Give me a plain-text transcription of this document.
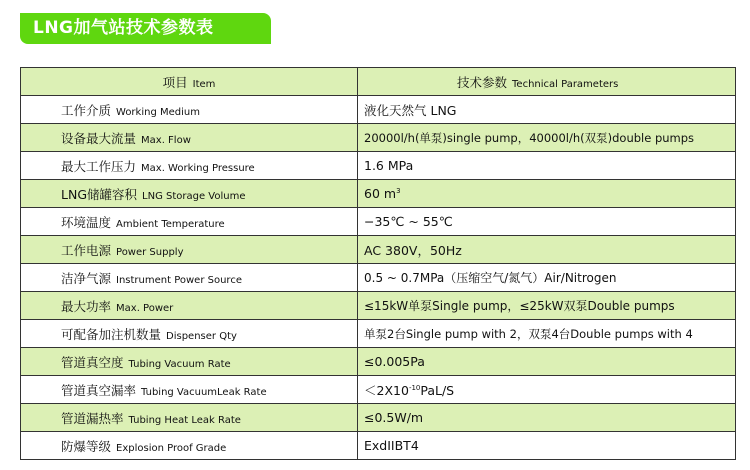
LNG加气站技术参数表
项目 Item	技术参数 Technical Parameters
工作介质 Working Medium	液化天然气 LNG
设备最大流量 Max. Flow	20000l/h(单泵)single pump，40000l/h(双泵)double pumps
最大工作压力 Max. Working Pressure	1.6 MPa
LNG储罐容积 LNG Storage Volume	60 $m^3$
环境温度 Ambient Temperature	−35℃ ~ 55℃
工作电源 Power Supply	AC 380V，50Hz
洁净气源 Instrument Power Source	0.5 ~ 0.7MPa（压缩空气/氮气）Air/Nitrogen
最大功率 Max. Power	≤15kW单泵Single pump，≤25kW双泵Double pumps
可配备加注机数量 Dispenser Qty	单泵2台Single pump with 2，双泵4台Double pumps with 4
管道真空度 Tubing Vacuum Rate	≤0.005Pa
管道真空漏率 Tubing VacuumLeak Rate	$<2X10^{-10}PaL/S$
管道漏热率 Tubing Heat Leak Rate	≤0.5W/m
防爆等级 Explosion Proof Grade	ExdIIBT4
